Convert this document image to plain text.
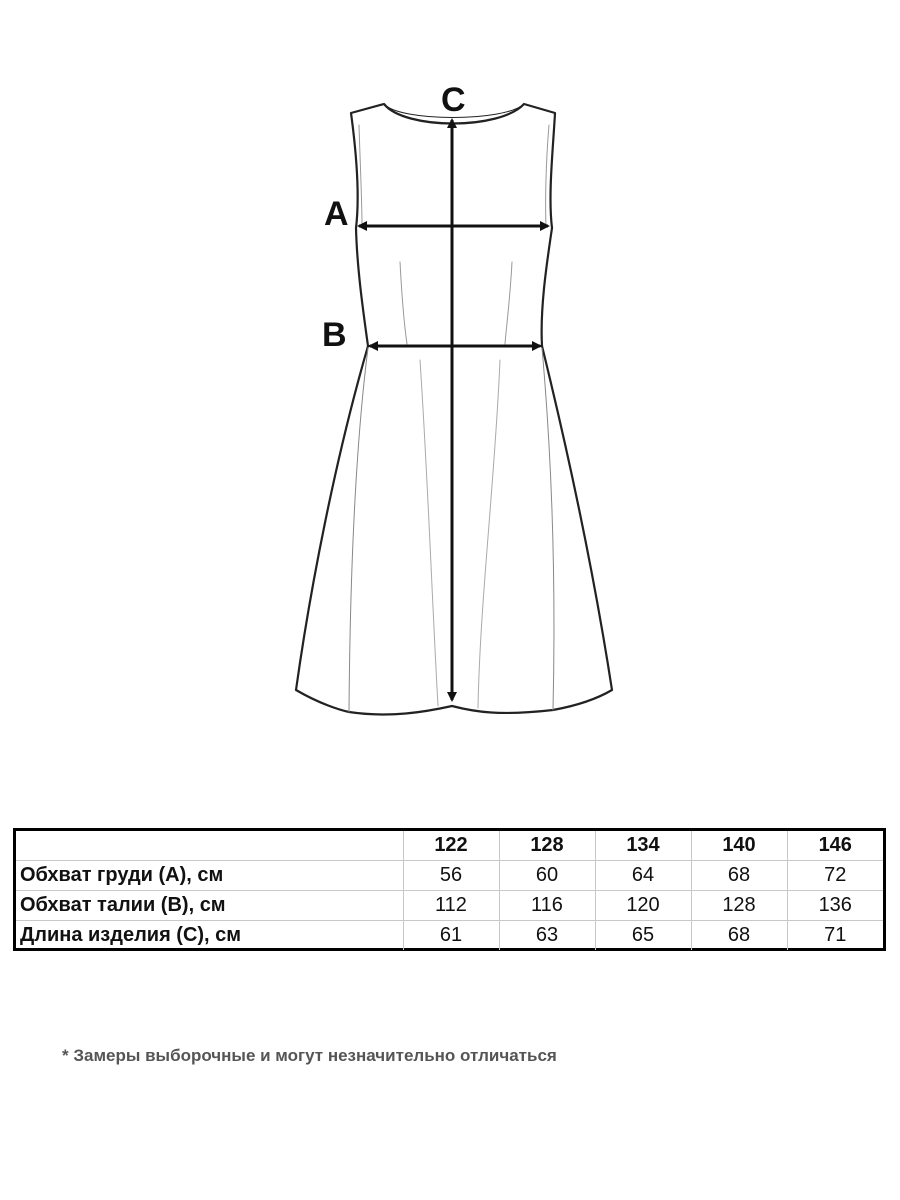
C
A
B
	122	128	134	140	146
Обхват груди (А), см	56	60	64	68	72
Обхват талии (В), см	112	116	120	128	136
Длина изделия (С), см	61	63	65	68	71
* Замеры выборочные и могут незначительно отличаться
